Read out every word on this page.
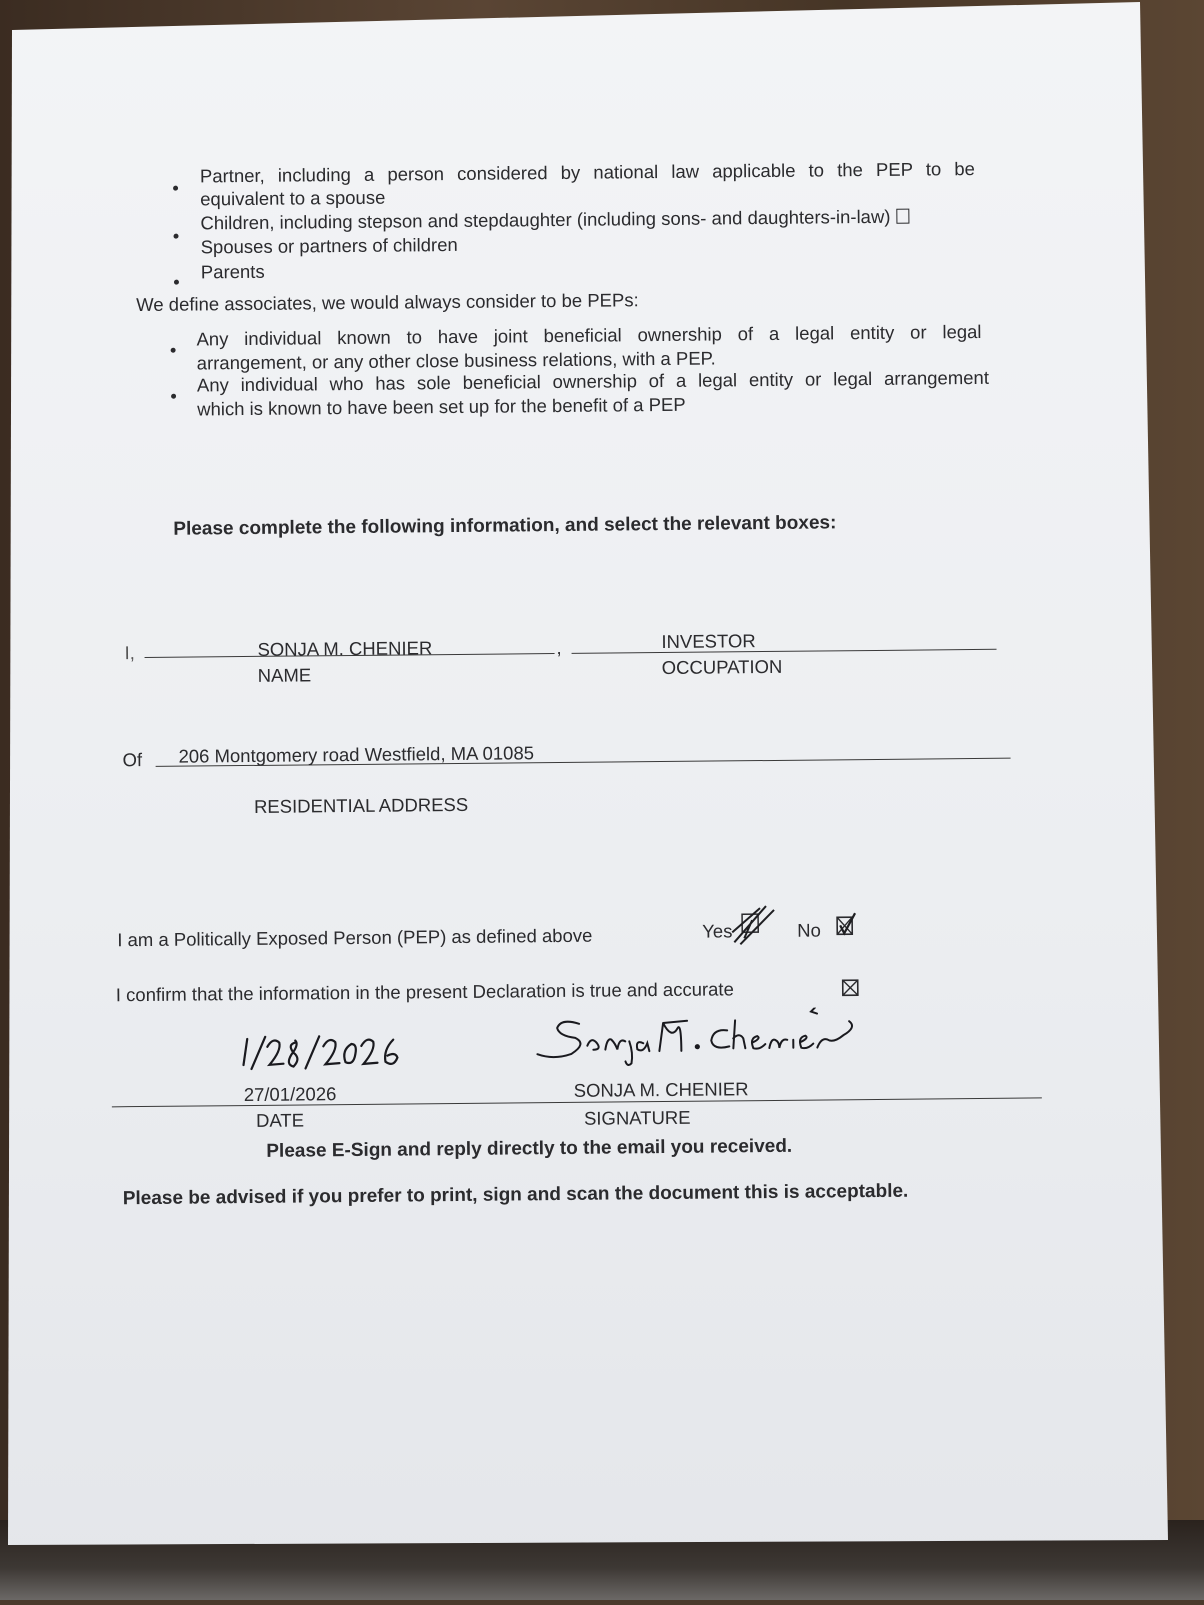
Partner, including a person considered by national law applicable to the PEP to be
equivalent to a spouse
Children, including stepson and stepdaughter (including sons- and daughters-in-law)
Spouses or partners of children
Parents
We define associates, we would always consider to be PEPs:
Any individual known to have joint beneficial ownership of a legal entity or legal
arrangement, or any other close business relations, with a PEP.
Any individual who has sole beneficial ownership of a legal entity or legal arrangement
which is known to have been set up for the benefit of a PEP
Please complete the following information, and select the relevant boxes:
I,	SONJA M. CHENIER
NAME
,	INVESTOR
OCCUPATION
Of 206 Montgomery road Westfield, MA 01085
RESIDENTIAL ADDRESS
I am a Politically Exposed Person (PEP) as defined above	Yes	No
I confirm that the information in the present Declaration is true and accurate
27/01/2026	SONJA M. CHENIER
DATE	SIGNATURE
Please E-Sign and reply directly to the email you received.
Please be advised if you prefer to print, sign and scan the document this is acceptable.
